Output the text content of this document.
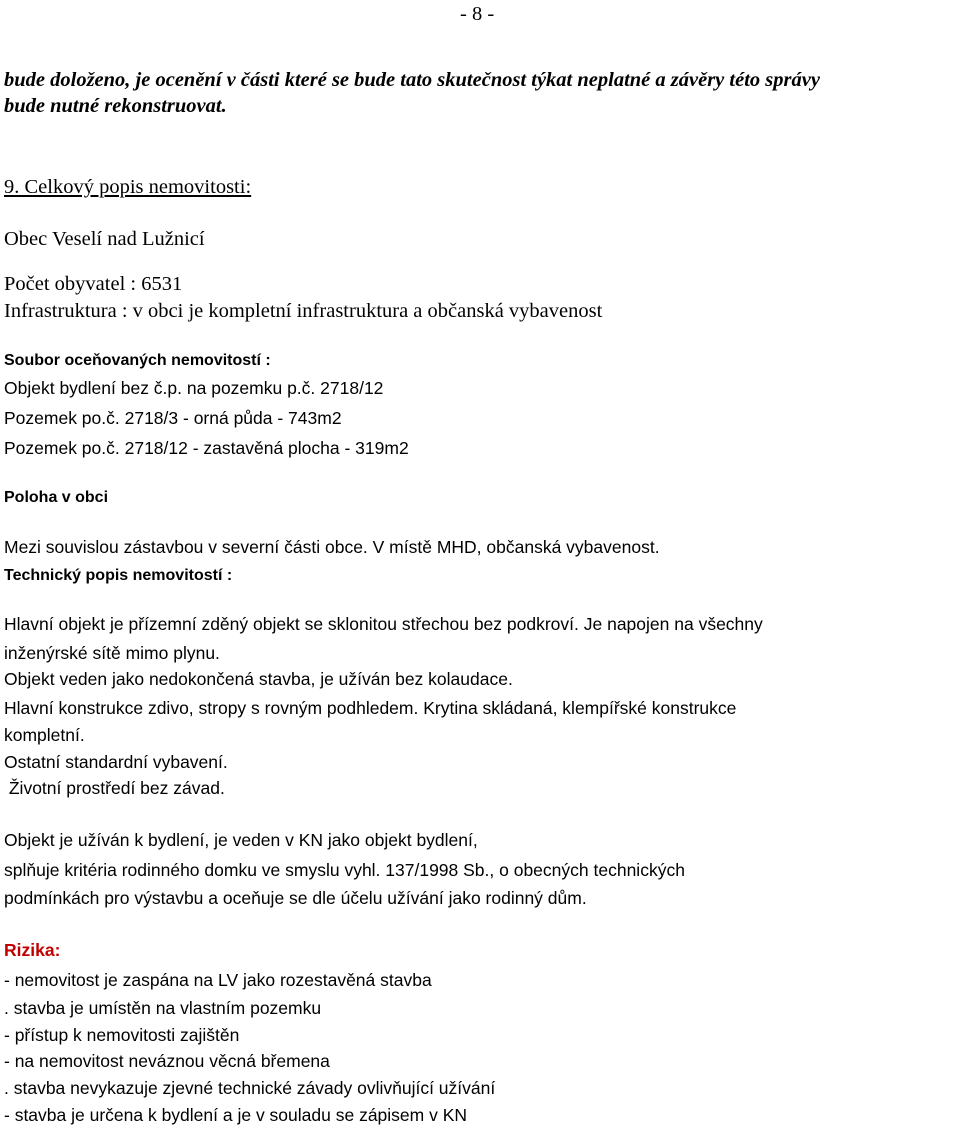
- 8 -
bude doloženo, je ocenění v části které se bude tato skutečnost týkat neplatné a závěry této správy
bude nutné rekonstruovat.
9. Celkový popis nemovitosti:
Obec Veselí nad Lužnicí
Počet obyvatel : 6531
Infrastruktura : v obci je kompletní infrastruktura a občanská vybavenost
Soubor oceňovaných nemovitostí :
Objekt bydlení bez č.p. na pozemku p.č. 2718/12
Pozemek po.č. 2718/3 - orná půda - 743m2
Pozemek po.č. 2718/12 - zastavěná plocha - 319m2
Poloha v obci
Mezi souvislou zástavbou v severní části obce. V místě MHD, občanská vybavenost.
Technický popis nemovitostí :
Hlavní objekt je přízemní zděný objekt se sklonitou střechou bez podkroví. Je napojen na všechny
inženýrské sítě mimo plynu.
Objekt veden jako nedokončená stavba, je užíván bez kolaudace.
Hlavní konstrukce zdivo, stropy s rovným podhledem. Krytina skládaná, klempířské konstrukce
kompletní.
Ostatní standardní vybavení.
Životní prostředí bez závad.
Objekt je užíván k bydlení, je veden v KN jako objekt bydlení,
splňuje kritéria rodinného domku ve smyslu vyhl. 137/1998 Sb., o obecných technických
podmínkách pro výstavbu a oceňuje se dle účelu užívání jako rodinný dům.
Rizika:
- nemovitost je zaspána na LV jako rozestavěná stavba
. stavba je umístěn na vlastním pozemku
- přístup k nemovitosti zajištěn
- na nemovitost neváznou věcná břemena
. stavba nevykazuje zjevné technické závady ovlivňující užívání
- stavba je určena k bydlení a je v souladu se zápisem v KN
